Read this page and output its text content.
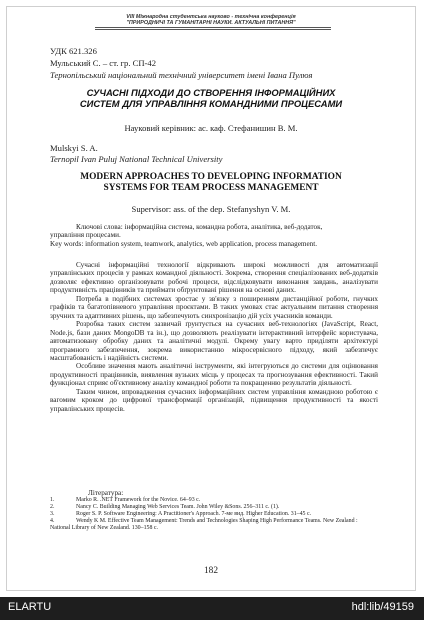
VIII Міжнародна студентська науково - технічна конференція
"ПРИРОДНИЧІ ТА ГУМАНІТАРНІ НАУКИ. АКТУАЛЬНІ ПИТАННЯ"
УДК 621.326
Мульський С. – ст. гр. СП-42
Тернопільський національний технічний університет імені Івана Пулюя
СУЧАСНІ ПІДХОДИ ДО СТВОРЕННЯ ІНФОРМАЦІЙНИХ
СИСТЕМ ДЛЯ УПРАВЛІННЯ КОМАНДНИМИ ПРОЦЕСАМИ
Науковий керівник: ас. каф. Стефанишин В. М.
Mulskyi S. A.
Ternopil Ivan Puluj National Technical University
MODERN APPROACHES TO DEVELOPING INFORMATION
SYSTEMS FOR TEAM PROCESS MANAGEMENT
Supervisor: ass. of the dep. Stefanyshyn V. M.
Ключові слова: інформаційна система, командна робота, аналітика, веб-додаток,
управління процесами.
Key words: information system, teamwork, analytics, web application, process management.

Сучасні інформаційні технології відкривають широкі можливості для автоматизації управлінських процесів у рамках командної діяльності. Зокрема, створення спеціалізованих веб-додатків дозволяє ефективно організовувати робочі процеси, відслідковувати виконання завдань, аналізувати продуктивність працівників та приймати обґрунтовані рішення на основі даних.

Потреба в подібних системах зростає у зв'язку з поширенням дистанційної роботи, гнучких графіків та багатопівневого управління проєктами. В таких умовах стає актуальним питання створення зручних та адаптивних рішень, що забезпечують синхронізацію дій усіх учасників команди.

Розробка таких систем зазвичай ґрунтується на сучасних веб-технологіях (JavaScript, React, Node.js, бази даних MongoDB та ін.), що дозволяють реалізувати інтерактивний інтерфейс користувача, автоматизовану обробку даних та аналітичні модулі. Окрему увагу варто приділяти архітектурі програмного забезпечення, зокрема використанню мікросервісного підходу, який забезпечує масштабованість і надійність системи.

Особливе значення мають аналітичні інструменти, які інтегруються до системи для оцінювання продуктивності працівників, виявлення вузьких місць у процесах та прогнозування ефективності. Такий функціонал сприяє об'єктивному аналізу командної роботи та покращенню результатів діяльності.

Таким чином, впровадження сучасних інформаційних систем управління командною роботою є вагомим кроком до цифрової трансформації організацій, підвищення продуктивності та якості управлінських процесів.

Література:
1.	Marko R. .NET Framework for the Novice. 64–93 с.
2.	Nancy C. Building Managing Web Services Team. John Wiley &Sons. 256–311 с. (1).
3.	Roger S. P. Software Engineering: A Practitioner's Approach. 7-ме вид. Higher Education. 31–45 с.
4.	Wendy K M. Effective Team Management: Trends and Technologies Shaping High Performance Teams. New Zealand : National Library of New Zealand. 130–158 с.
182
ELARTU	hdl:lib/49159
